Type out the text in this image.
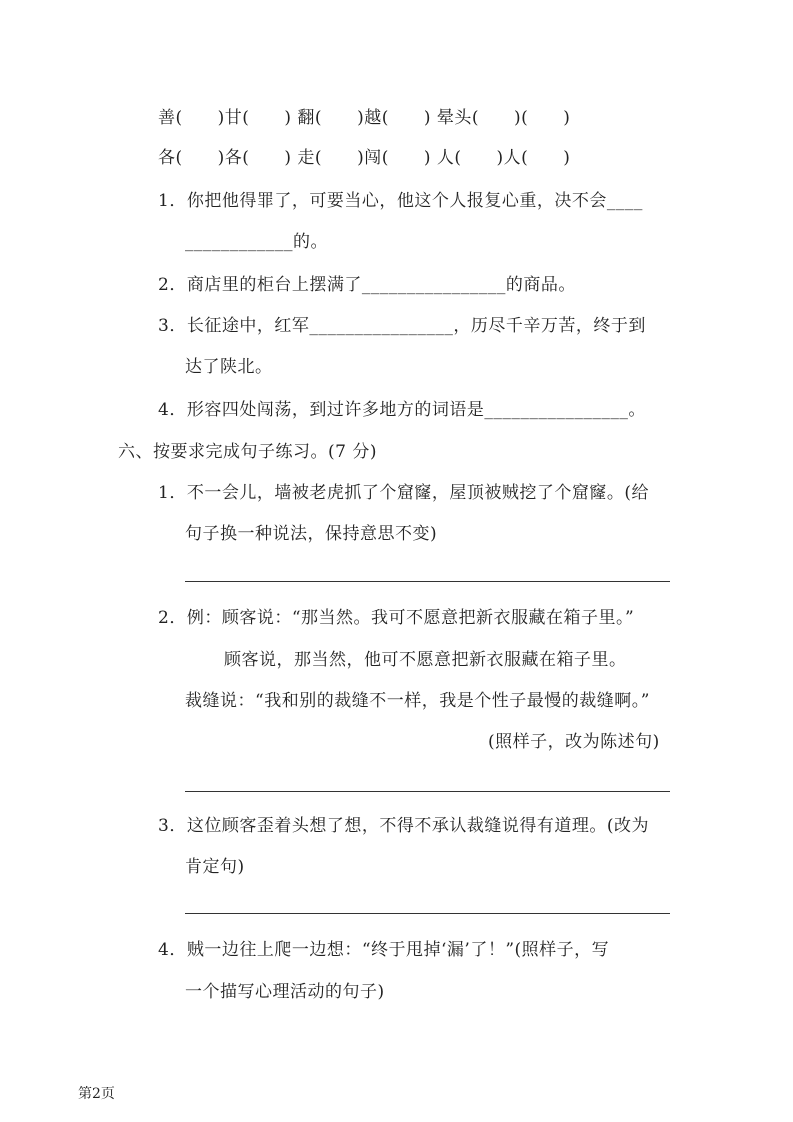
善(　　)甘(　　) 翻(　　)越(　　) 晕头(　　)(　　)
各(　　)各(　　) 走(　　)闯(　　) 人(　　)人(　　)
1．你把他得罪了，可要当心，他这个人报复心重，决不会____
____________的。
2．商店里的柜台上摆满了________________的商品。
3．长征途中，红军________________，历尽千辛万苦，终于到
达了陕北。
4．形容四处闯荡，到过许多地方的词语是________________。
六、按要求完成句子练习。(7 分)
1．不一会儿，墙被老虎抓了个窟窿，屋顶被贼挖了个窟窿。(给
句子换一种说法，保持意思不变)
2．例：顾客说：“那当然。我可不愿意把新衣服藏在箱子里。”
顾客说，那当然，他可不愿意把新衣服藏在箱子里。
裁缝说：“我和别的裁缝不一样，我是个性子最慢的裁缝啊。”
(照样子，改为陈述句)
3．这位顾客歪着头想了想，不得不承认裁缝说得有道理。(改为
肯定句)
4．贼一边往上爬一边想：“终于甩掉‘漏’了！”(照样子，写
一个描写心理活动的句子)
第2页
